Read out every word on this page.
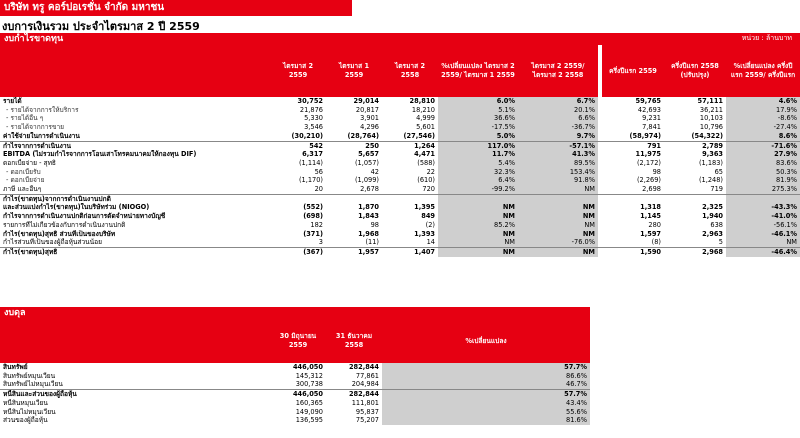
บริษัท ทรู คอร์ปอเรชั่น จำกัด มหาชน
งบการเงินรวม ประจำไตรมาส 2 ปี 2559
งบกำไรขาดทุน	หน่วย : ล้านบาท
	ไตรมาส 2 2559	ไตรมาส 1 2559	ไตรมาส 2 2558	%เปลี่ยนแปลง ไตรมาส 2 2559/ ไตรมาส 1 2559	ไตรมาส 2 2559/ ไตรมาส 2 2558		ครึ่งปีแรก 2559	ครึ่งปีแรก 2558 (ปรับปรุง)	%เปลี่ยนแปลง ครึ่งปีแรก 2559/ ครึ่งปีแรก
รายได้	30,752	29,014	28,810	6.0%	6.7%		59,765	57,111	4.6%
- รายได้จากการให้บริการ	21,876	20,817	18,210	5.1%	20.1%		42,693	36,211	17.9%
- รายได้อื่น ๆ	5,330	3,901	4,999	36.6%	6.6%		9,231	10,103	-8.6%
- รายได้จากการขาย	3,546	4,296	5,601	-17.5%	-36.7%		7,841	10,796	-27.4%
ค่าใช้จ่ายในการดำเนินงาน	(30,210)	(28,764)	(27,546)	5.0%	9.7%		(58,974)	(54,322)	8.6%
กำไรจากการดำเนินงาน	542	250	1,264	117.0%	-57.1%		791	2,789	-71.6%
EBITDA (ไม่รวมกำไรจากการโอนเสาโทรคมนาคมให้กองทุน DIF)	6,317	5,657	4,471	11.7%	41.3%		11,975	9,363	27.9%
ดอกเบี้ยจ่าย - สุทธิ	(1,114)	(1,057)	(588)	5.4%	89.5%		(2,172)	(1,183)	83.6%
- ดอกเบี้ยรับ	56	42	22	32.3%	153.4%		98	65	50.3%
- ดอกเบี้ยจ่าย	(1,170)	(1,099)	(610)	6.4%	91.8%		(2,269)	(1,248)	81.9%
ภาษี และอื่นๆ	20	2,678	720	-99.2%	NM		2,698	719	275.3%
กำไร(ขาดทุน)จากการดำเนินงานปกติ									
และส่วนแบ่งกำไร(ขาดทุน)ในบริษัทร่วม (NIOGO)	(552)	1,870	1,395	NM	NM		1,318	2,325	-43.3%
กำไรจากการดำเนินงานปกติก่อนการตัดจำหน่ายทางบัญชี	(698)	1,843	849	NM	NM		1,145	1,940	-41.0%
รายการที่ไม่เกี่ยวข้องกับการดำเนินงานปกติ	182	98	(2)	85.2%	NM		280	638	-56.1%
กำไร(ขาดทุน)สุทธิ ส่วนที่เป็นของบริษัท	(371)	1,968	1,393	NM	NM		1,597	2,963	-46.1%
กำไรส่วนที่เป็นของผู้ถือหุ้นส่วนน้อย	3	(11)	14	NM	-76.0%		(8)	5	NM
กำไร(ขาดทุน)สุทธิ	(367)	1,957	1,407	NM	NM		1,590	2,968	-46.4%
งบดุล
	30 มิถุนายน 2559	31 ธันวาคม 2558	%เปลี่ยนแปลง
สินทรัพย์	446,050	282,844	57.7%
สินทรัพย์หมุนเวียน	145,312	77,861	86.6%
สินทรัพย์ไม่หมุนเวียน	300,738	204,984	46.7%
หนี้สินและส่วนของผู้ถือหุ้น	446,050	282,844	57.7%
หนี้สินหมุนเวียน	160,365	111,801	43.4%
หนี้สินไม่หมุนเวียน	149,090	95,837	55.6%
ส่วนของผู้ถือหุ้น	136,595	75,207	81.6%
